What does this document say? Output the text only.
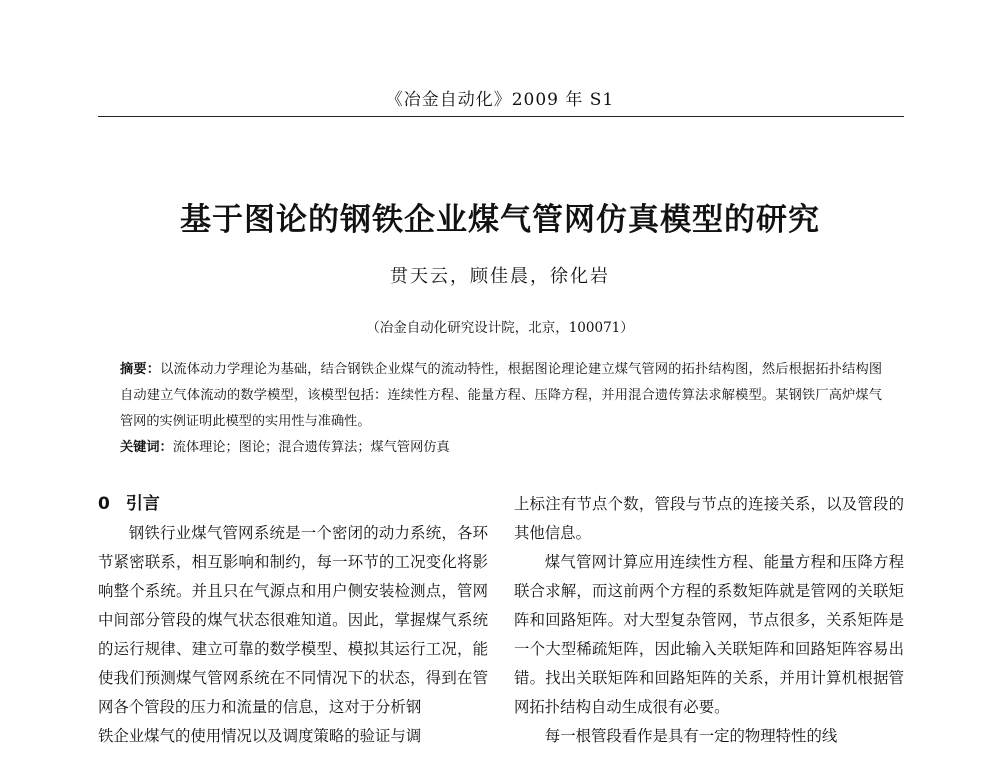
《冶金自动化》2009 年 S1
基于图论的钢铁企业煤气管网仿真模型的研究
贯天云，顾佳晨，徐化岩
（冶金自动化研究设计院，北京，100071）

摘要：以流体动力学理论为基础，结合钢铁企业煤气的流动特性，根据图论理论建立煤气管网的拓扑结构图，然后根据拓扑结构图自动建立气体流动的数学模型，该模型包括：连续性方程、能量方程、压降方程，并用混合遗传算法求解模型。某钢铁厂高炉煤气管网的实例证明此模型的实用性与准确性。

关键词：流体理论；图论；混合遗传算法；煤气管网仿真

0 引言

钢铁行业煤气管网系统是一个密闭的动力系统，各环节紧密联系，相互影响和制约，每一环节的工况变化将影响整个系统。并且只在气源点和用户侧安装检测点，管网中间部分管段的煤气状态很难知道。因此，掌握煤气系统的运行规律、建立可靠的数学模型、模拟其运行工况，能使我们预测煤气管网系统在不同情况下的状态，得到在管网各个管段的压力和流量的信息，这对于分析钢

铁企业煤气的使用情况以及调度策略的验证与调

上标注有节点个数，管段与节点的连接关系，以及管段的其他信息。

煤气管网计算应用连续性方程、能量方程和压降方程联合求解，而这前两个方程的系数矩阵就是管网的关联矩阵和回路矩阵。对大型复杂管网，节点很多，关系矩阵是一个大型稀疏矩阵，因此输入关联矩阵和回路矩阵容易出错。找出关联矩阵和回路矩阵的关系，并用计算机根据管网拓扑结构自动生成很有必要。

每一根管段看作是具有一定的物理特性的线
